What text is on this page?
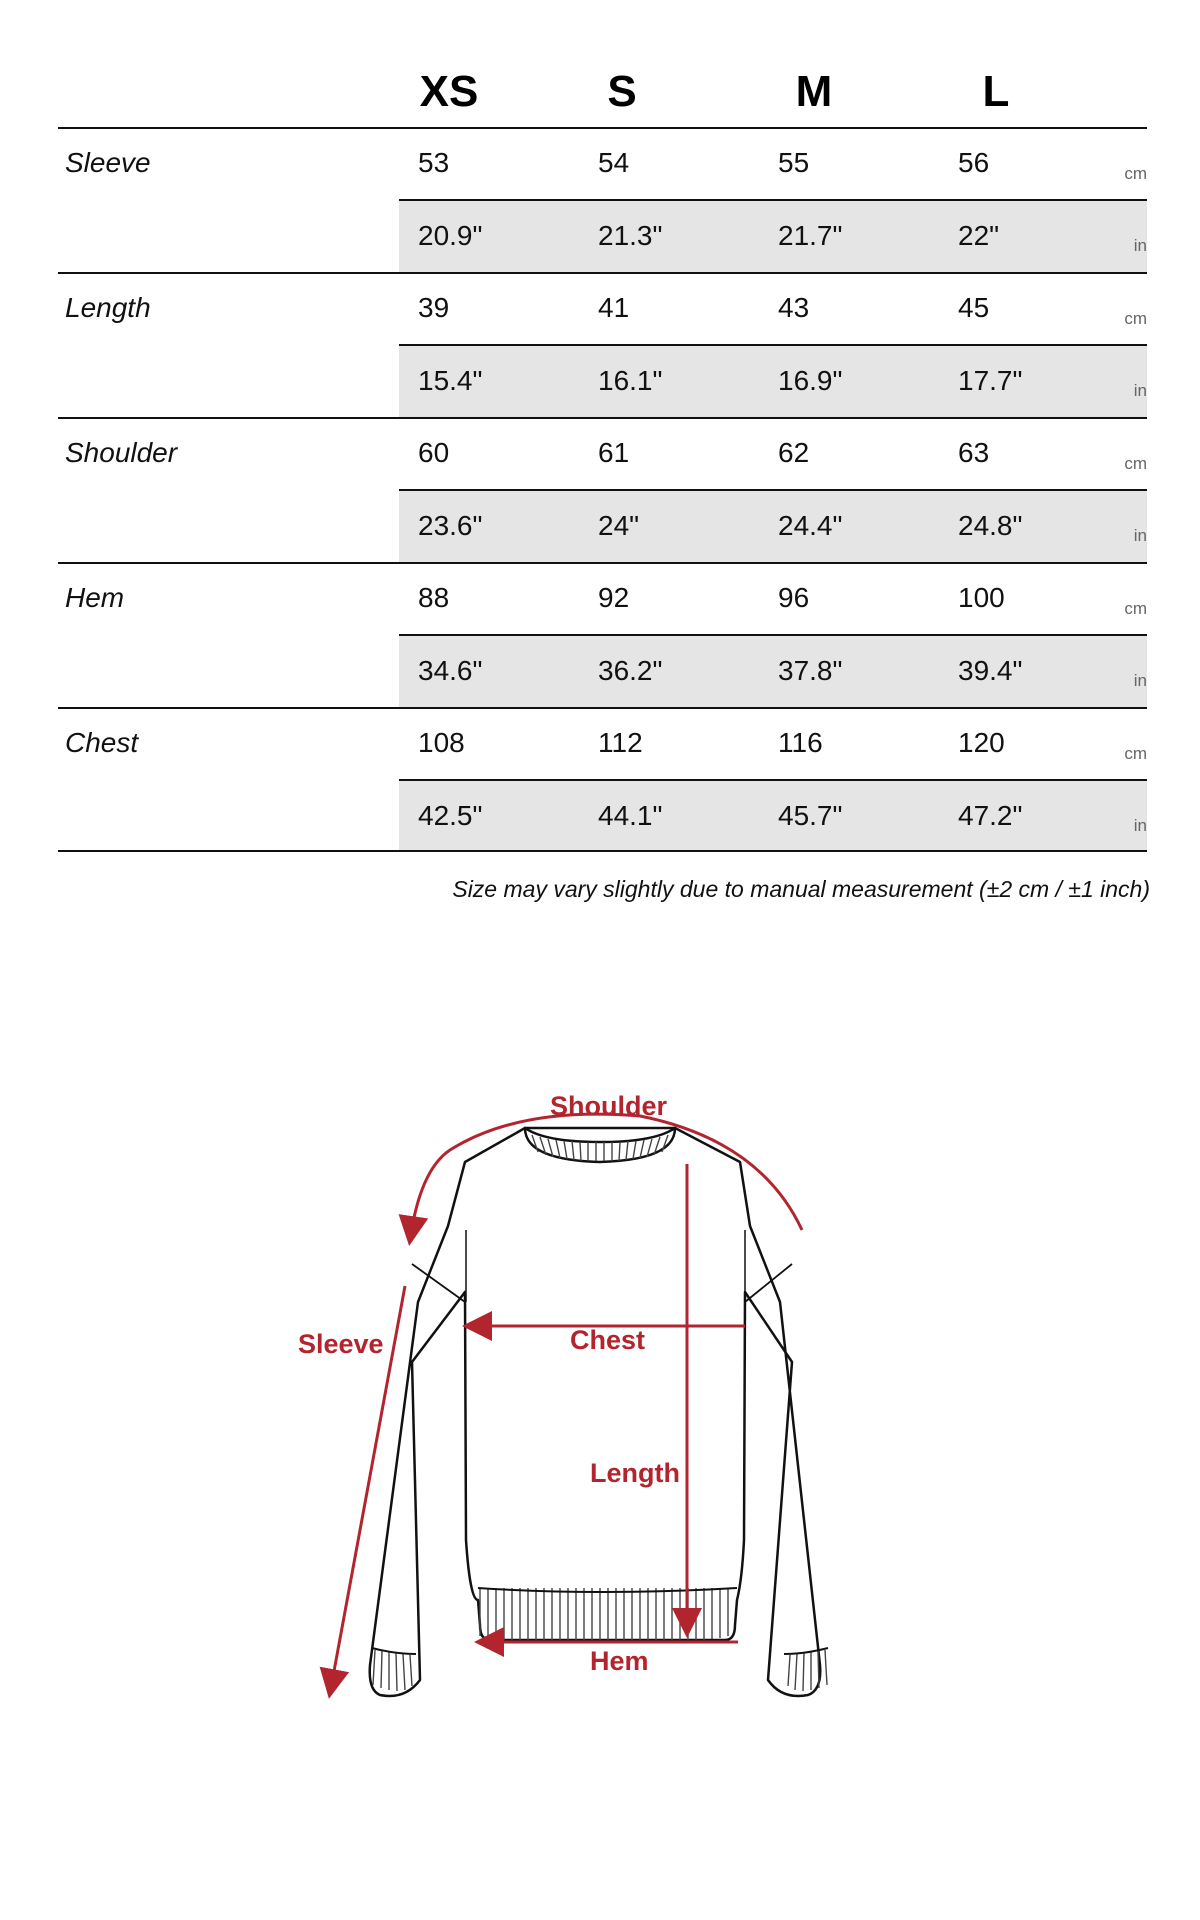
XS	S	M	L
Sleeve	53	54	55	56	cm
20.9"	21.3"	21.7"	22"	in
Length	39	41	43	45	cm
15.4"	16.1"	16.9"	17.7"	in
Shoulder	60	61	62	63	cm
23.6"	24"	24.4"	24.8"	in
Hem	88	92	96	100	cm
34.6"	36.2"	37.8"	39.4"	in
Chest	108	112	116	120	cm
42.5"	44.1"	45.7"	47.2"	in
Size may vary slightly due to manual measurement (±2 cm / ±1 inch)
Shoulder
Sleeve	Chest
Length
Hem
